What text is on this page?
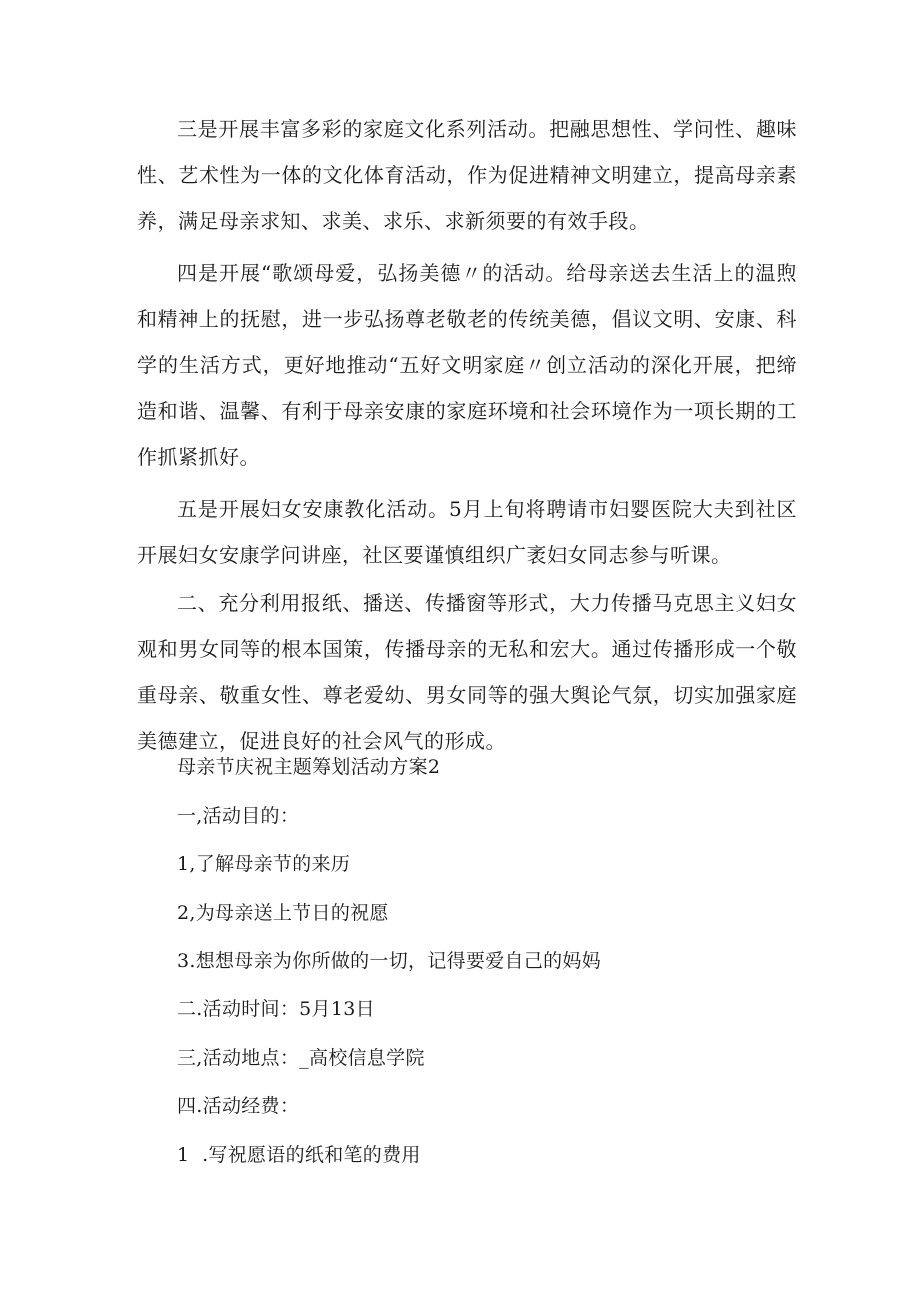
三是开展丰富多彩的家庭文化系列活动。把融思想性、学问性、趣味性、艺术性为一体的文化体育活动，作为促进精神文明建立，提高母亲素养，满足母亲求知、求美、求乐、求新须要的有效手段。

四是开展“歌颂母爱，弘扬美德〃的活动。给母亲送去生活上的温煦和精神上的抚慰，进一步弘扬尊老敬老的传统美德，倡议文明、安康、科学的生活方式，更好地推动“五好文明家庭〃创立活动的深化开展，把缔造和谐、温馨、有利于母亲安康的家庭环境和社会环境作为一项长期的工作抓紧抓好。

五是开展妇女安康教化活动。5月上旬将聘请市妇婴医院大夫到社区开展妇女安康学问讲座，社区要谨慎组织广袤妇女同志参与听课。

二、充分利用报纸、播送、传播窗等形式，大力传播马克思主义妇女观和男女同等的根本国策，传播母亲的无私和宏大。通过传播形成一个敬重母亲、敬重女性、尊老爱幼、男女同等的强大舆论气氛，切实加强家庭美德建立，促进良好的社会风气的形成。

母亲节庆祝主题筹划活动方案2

一,活动目的：

1,了解母亲节的来历

2,为母亲送上节日的祝愿

3.想想母亲为你所做的一切，记得要爱自己的妈妈

二.活动时间：5月13日

三,活动地点：_高校信息学院

四.活动经费：

1  .写祝愿语的纸和笔的费用
